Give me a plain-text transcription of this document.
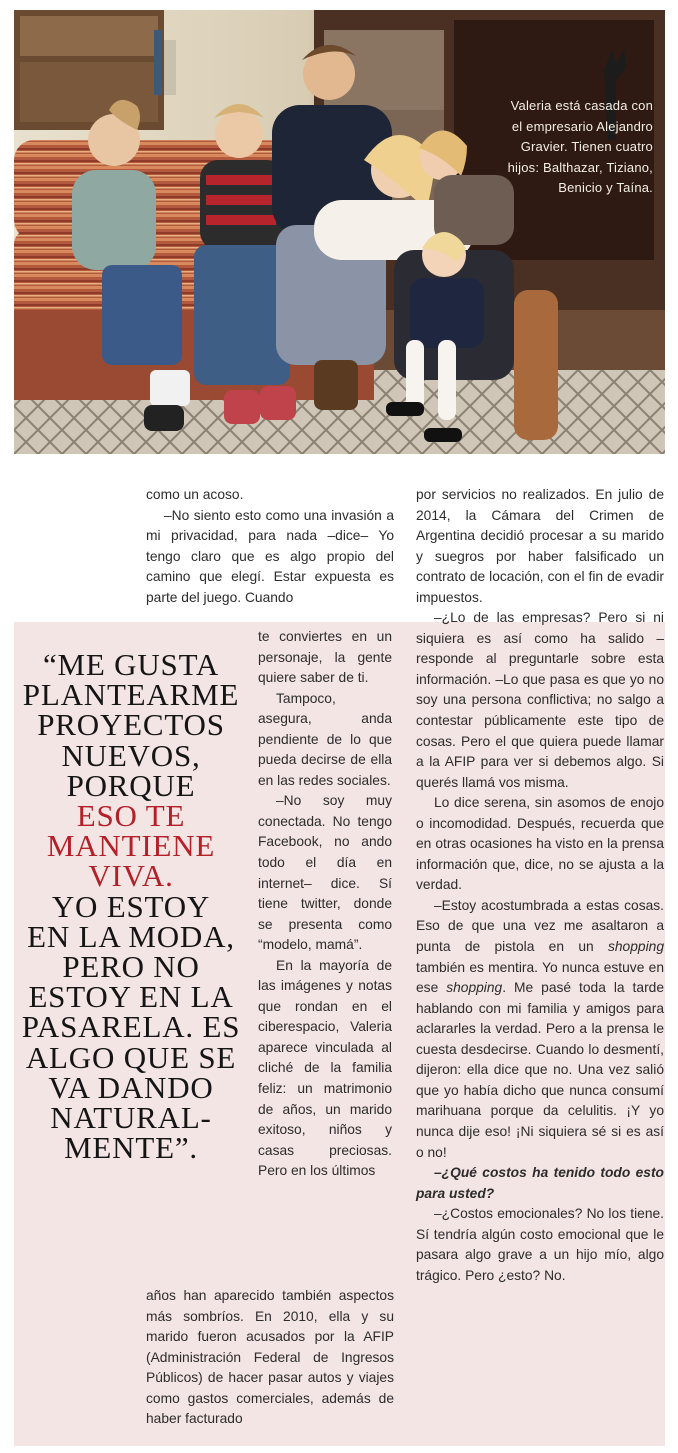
Valeria está casada con el empresario Alejandro Gravier. Tienen cuatro hijos: Balthazar, Tiziano, Benicio y Taína.
“ME GUSTA
PLANTEARME
PROYECTOS
NUEVOS,
PORQUE
ESO TE
MANTIENE
VIVA.
YO ESTOY
EN LA MODA,
PERO NO
ESTOY EN LA
PASARELA. ES
ALGO QUE SE
VA DANDO
NATURAL-
MENTE”.

como un acoso.

–No siento esto como una invasión a mi privacidad, para nada –dice– Yo tengo claro que es algo propio del camino que elegí. Estar expuesta es parte del juego. Cuando

te conviertes en un personaje, la gente quiere saber de ti.

Tampoco, asegura, anda pendiente de lo que pueda decirse de ella en las redes sociales.

–No soy muy conectada. No tengo Facebook, no ando todo el día en internet– dice. Sí tiene twitter, donde se presenta como “modelo, mamá”.

En la mayoría de las imágenes y notas que rondan en el ciberespacio, Valeria aparece vinculada al cliché de la familia feliz: un matrimonio de años, un marido exitoso, niños y casas preciosas. Pero en los últimos

años han aparecido también aspectos más sombríos. En 2010, ella y su marido fueron acusados por la AFIP (Administración Federal de Ingresos Públicos) de hacer pasar autos y viajes como gastos comerciales, además de haber facturado

por servicios no realizados. En julio de 2014, la Cámara del Crimen de Argentina decidió procesar a su marido y suegros por haber falsificado un contrato de locación, con el fin de evadir impuestos.

–¿Lo de las empresas? Pero si ni siquiera es así como ha salido –responde al preguntarle sobre esta información. –Lo que pasa es que yo no soy una persona conflictiva; no salgo a contestar públicamente este tipo de cosas. Pero el que quiera puede llamar a la AFIP para ver si debemos algo. Si querés llamá vos misma.

Lo dice serena, sin asomos de enojo o incomodidad. Después, recuerda que en otras ocasiones ha visto en la prensa información que, dice, no se ajusta a la verdad.

–Estoy acostumbrada a estas cosas. Eso de que una vez me asaltaron a punta de pistola en un shopping también es mentira. Yo nunca estuve en ese shopping. Me pasé toda la tarde hablando con mi familia y amigos para aclararles la verdad. Pero a la prensa le cuesta desdecirse. Cuando lo desmentí, dijeron: ella dice que no. Una vez salió que yo había dicho que nunca consumí marihuana porque da celulitis. ¡Y yo nunca dije eso! ¡Ni siquiera sé si es así o no!

–¿Qué costos ha tenido todo esto para usted?

–¿Costos emocionales? No los tiene. Sí tendría algún costo emocional que le pasara algo grave a un hijo mío, algo trágico. Pero ¿esto? No.
